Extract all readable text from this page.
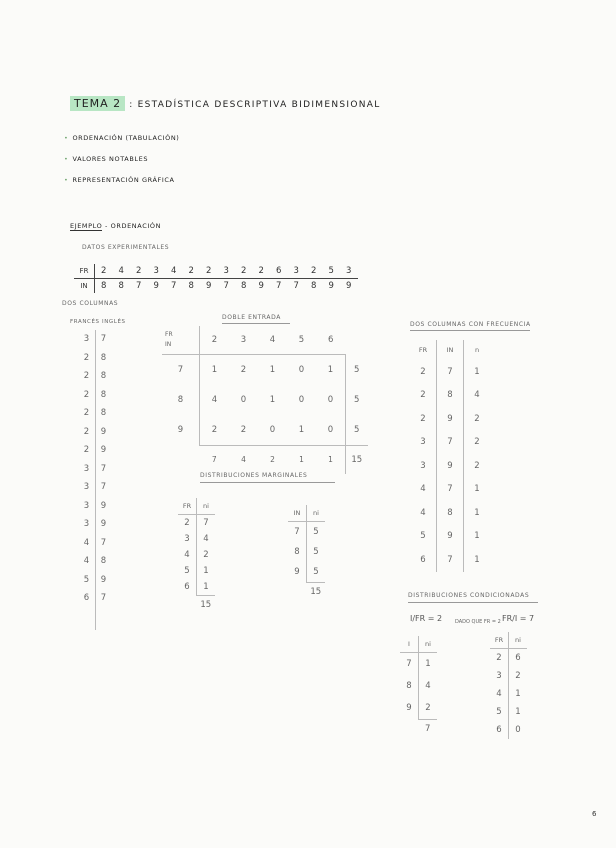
TEMA 2 : ESTADÍSTICA DESCRIPTIVA BIDIMENSIONAL
• ORDENACIÓN (TABULACIÓN)
• VALORES NOTABLES
• REPRESENTACIÓN GRÁFICA
EJEMPLO - ORDENACIÓN
DATOS EXPERIMENTALES
FR	2	4	2	3	4	2	2	3	2	2	6	3	2	5	3
IN	8	8	7	9	7	8	9	7	8	9	7	7	8	9	9
DOS COLUMNAS
FRANCÉS INGLÉS
3	7
2	8
2	8
2	8
2	8
2	9
2	9
3	7
3	7
3	9
3	9
4	7
4	8
5	9
6	7
DOBLE ENTRADA
FR
IN	2	3	4	5	6	
7	1	2	1	0	1	5
8	4	0	1	0	0	5
9	2	2	0	1	0	5
	7	4	2	1	1	15
DOS COLUMNAS CON FRECUENCIA
FR	IN	n
2	7	1
2	8	4
2	9	2
3	7	2
3	9	2
4	7	1
4	8	1
5	9	1
6	7	1
DISTRIBUCIONES MARGINALES
FR	ni
2	7
3	4
4	2
5	1
6	1
	15
IN	ni
7	5
8	5
9	5
	15	DISTRIBUCIONES CONDICIONADAS
I/FR = 2	DADO QUE FR = 2 FR/I = 7
I	ni
7	1
8	4
9	2
	7
FR	ni
2	6
3	2
4	1
5	1
6	0
6
